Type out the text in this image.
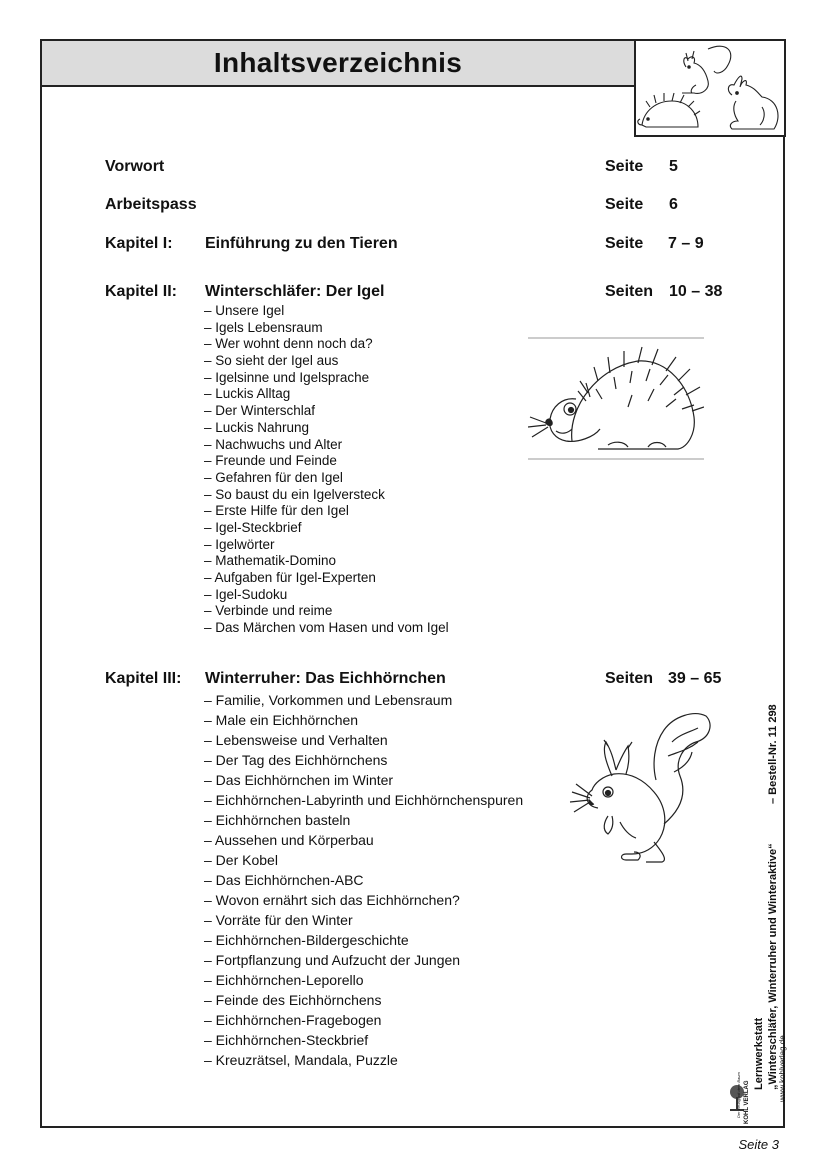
Inhaltsverzeichnis
Vorwort	Seite 5
Arbeitspass	Seite 6
Kapitel I: Einführung zu den Tieren	Seite 7 – 9
Kapitel II: Winterschläfer: Der Igel	Seiten 10 – 38
– Unsere Igel
– Igels Lebensraum
– Wer wohnt denn noch da?
– So sieht der Igel aus
– Igelsinne und Igelsprache
– Luckis Alltag
– Der Winterschlaf
– Luckis Nahrung
– Nachwuchs und Alter
– Freunde und Feinde
– Gefahren für den Igel
– So baust du ein Igelversteck
– Erste Hilfe für den Igel
– Igel-Steckbrief
– Igelwörter
– Mathematik-Domino
– Aufgaben für Igel-Experten
– Igel-Sudoku
– Verbinde und reime
– Das Märchen vom Hasen und vom Igel
Kapitel III: Winterruher: Das Eichhörnchen	Seiten 39 – 65
– Familie, Vorkommen und Lebensraum
– Male ein Eichhörnchen
– Lebensweise und Verhalten
– Der Tag des Eichhörnchens
– Das Eichhörnchen im Winter
– Eichhörnchen-Labyrinth und Eichhörnchenspuren
– Eichhörnchen basteln
– Aussehen und Körperbau
– Der Kobel
– Das Eichhörnchen-ABC
– Wovon ernährt sich das Eichhörnchen?
– Vorräte für den Winter
– Eichhörnchen-Bildergeschichte
– Fortpflanzung und Aufzucht der Jungen
– Eichhörnchen-Leporello
– Feinde des Eichhörnchens
– Eichhörnchen-Fragebogen
– Eichhörnchen-Steckbrief
– Kreuzrätsel, Mandala, Puzzle	Lernwerkstatt „Winterschläfer, Winterruher und Winteraktive“
– Bestell-Nr. 11 298
www.kohlverlag.de
KOHL VERLAG
Der Verlag mit dem Baum
Seite 3
